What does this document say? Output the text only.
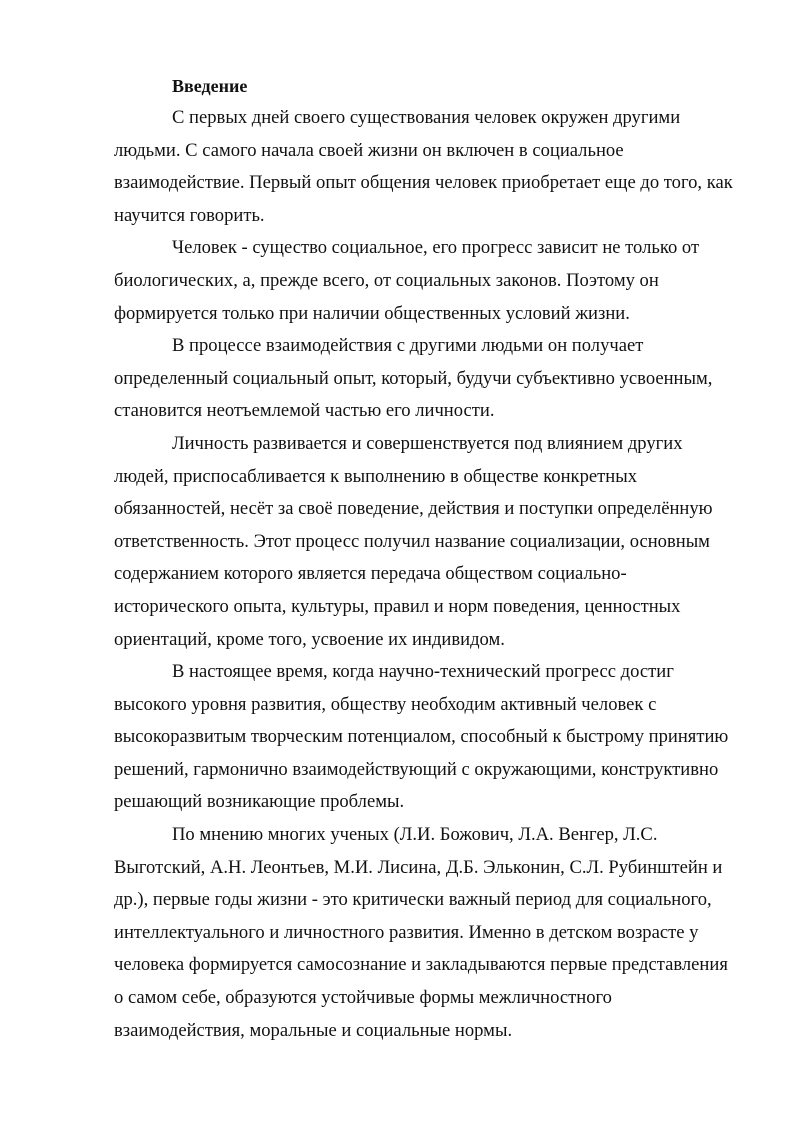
Введение

С первых дней своего существования человек окружен другими
людьми. С самого начала своей жизни он включен в социальное
взаимодействие. Первый опыт общения человек приобретает еще до того, как
научится говорить.

Человек - существо социальное, его прогресс зависит не только от
биологических, а, прежде всего, от социальных законов. Поэтому он
формируется только при наличии общественных условий жизни.

В процессе взаимодействия с другими людьми он получает
определенный социальный опыт, который, будучи субъективно усвоенным,
становится неотъемлемой частью его личности.

Личность развивается и совершенствуется под влиянием других
людей, приспосабливается к выполнению в обществе конкретных
обязанностей, несёт за своё поведение, действия и поступки определённую
ответственность. Этот процесс получил название социализации, основным
содержанием которого является передача обществом социально-
исторического опыта, культуры, правил и норм поведения, ценностных
ориентаций, кроме того, усвоение их индивидом.

В настоящее время, когда научно-технический прогресс достиг
высокого уровня развития, обществу необходим активный человек с
высокоразвитым творческим потенциалом, способный к быстрому принятию
решений, гармонично взаимодействующий с окружающими, конструктивно
решающий возникающие проблемы.

По мнению многих ученых (Л.И. Божович, Л.А. Венгер, Л.С.
Выготский, А.Н. Леонтьев, М.И. Лисина, Д.Б. Эльконин, С.Л. Рубинштейн и
др.), первые годы жизни - это критически важный период для социального,
интеллектуального и личностного развития. Именно в детском возрасте у
человека формируется самосознание и закладываются первые представления
о самом себе, образуются устойчивые формы межличностного
взаимодействия, моральные и социальные нормы.
